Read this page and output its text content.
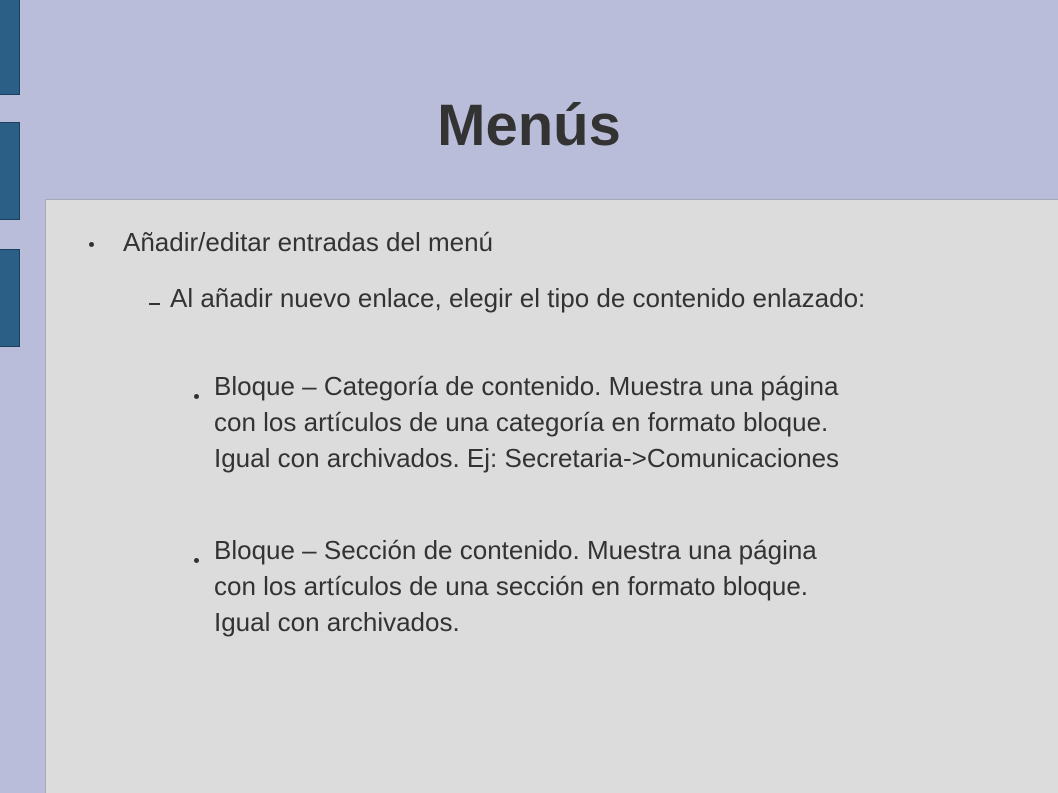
Menús
Añadir/editar entradas del menú
Al añadir nuevo enlace, elegir el tipo de contenido enlazado:
Bloque – Categoría de contenido. Muestra una página con los artículos de una categoría en formato bloque. Igual con archivados. Ej: Secretaria->Comunicaciones
Bloque – Sección de contenido. Muestra una página con los artículos de una sección en formato bloque. Igual con archivados.
